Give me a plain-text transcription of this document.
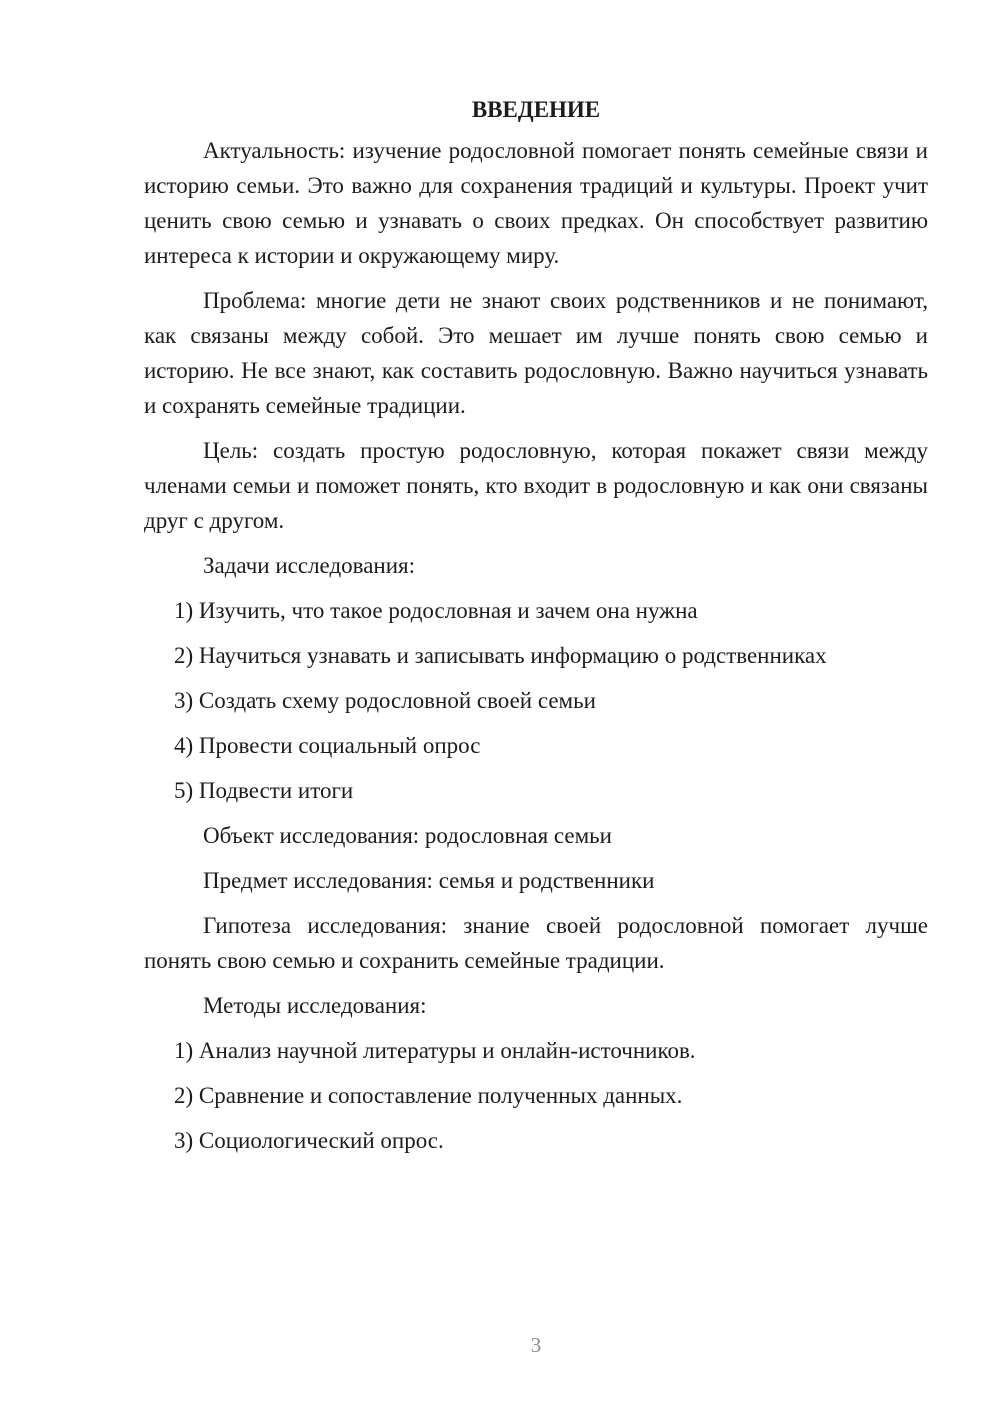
ВВЕДЕНИЕ

Актуальность: изучение родословной помогает понять семейные связи и историю семьи. Это важно для сохранения традиций и культуры. Проект учит ценить свою семью и узнавать о своих предках. Он способствует развитию интереса к истории и окружающему миру.

Проблема: многие дети не знают своих родственников и не понимают, как связаны между собой. Это мешает им лучше понять свою семью и историю. Не все знают, как составить родословную. Важно научиться узнавать и сохранять семейные традиции.

Цель: создать простую родословную, которая покажет связи между членами семьи и поможет понять, кто входит в родословную и как они связаны друг с другом.

Задачи исследования:

1) Изучить, что такое родословная и зачем она нужна

2) Научиться узнавать и записывать информацию о родственниках

3) Создать схему родословной своей семьи

4) Провести социальный опрос

5) Подвести итоги

Объект исследования: родословная семьи

Предмет исследования: семья и родственники

Гипотеза исследования: знание своей родословной помогает лучше понять свою семью и сохранить семейные традиции.

Методы исследования:

1) Анализ научной литературы и онлайн-источников.

2) Сравнение и сопоставление полученных данных.

3) Социологический опрос.

3
